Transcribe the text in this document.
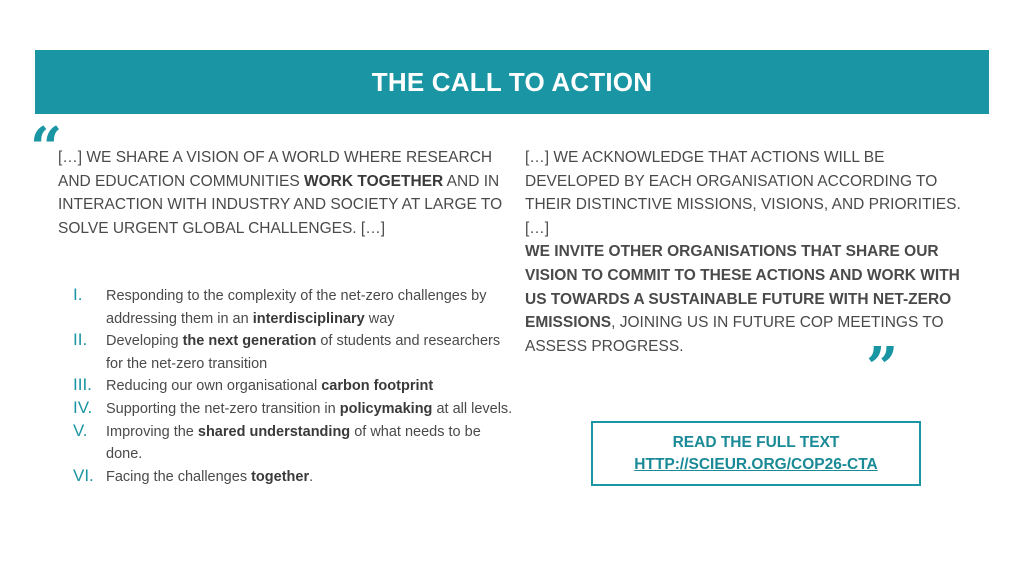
THE CALL TO ACTION
“
[…] WE SHARE A VISION OF A WORLD WHERE RESEARCH AND EDUCATION COMMUNITIES WORK TOGETHER AND IN INTERACTION WITH INDUSTRY AND SOCIETY AT LARGE TO SOLVE URGENT GLOBAL CHALLENGES. […]
I. Responding to the complexity of the net-zero challenges by addressing them in an interdisciplinary way
II. Developing the next generation of students and researchers for the net-zero transition
III. Reducing our own organisational carbon footprint
IV. Supporting the net-zero transition in policymaking at all levels.
V. Improving the shared understanding of what needs to be done.
VI. Facing the challenges together.
[…] WE ACKNOWLEDGE THAT ACTIONS WILL BE DEVELOPED BY EACH ORGANISATION ACCORDING TO THEIR DISTINCTIVE MISSIONS, VISIONS, AND PRIORITIES. […]
WE INVITE OTHER ORGANISATIONS THAT SHARE OUR VISION TO COMMIT TO THESE ACTIONS AND WORK WITH US TOWARDS A SUSTAINABLE FUTURE WITH NET-ZERO EMISSIONS, JOINING US IN FUTURE COP MEETINGS TO ASSESS PROGRESS.	”
READ THE FULL TEXT
HTTP://SCIEUR.ORG/COP26-CTA
